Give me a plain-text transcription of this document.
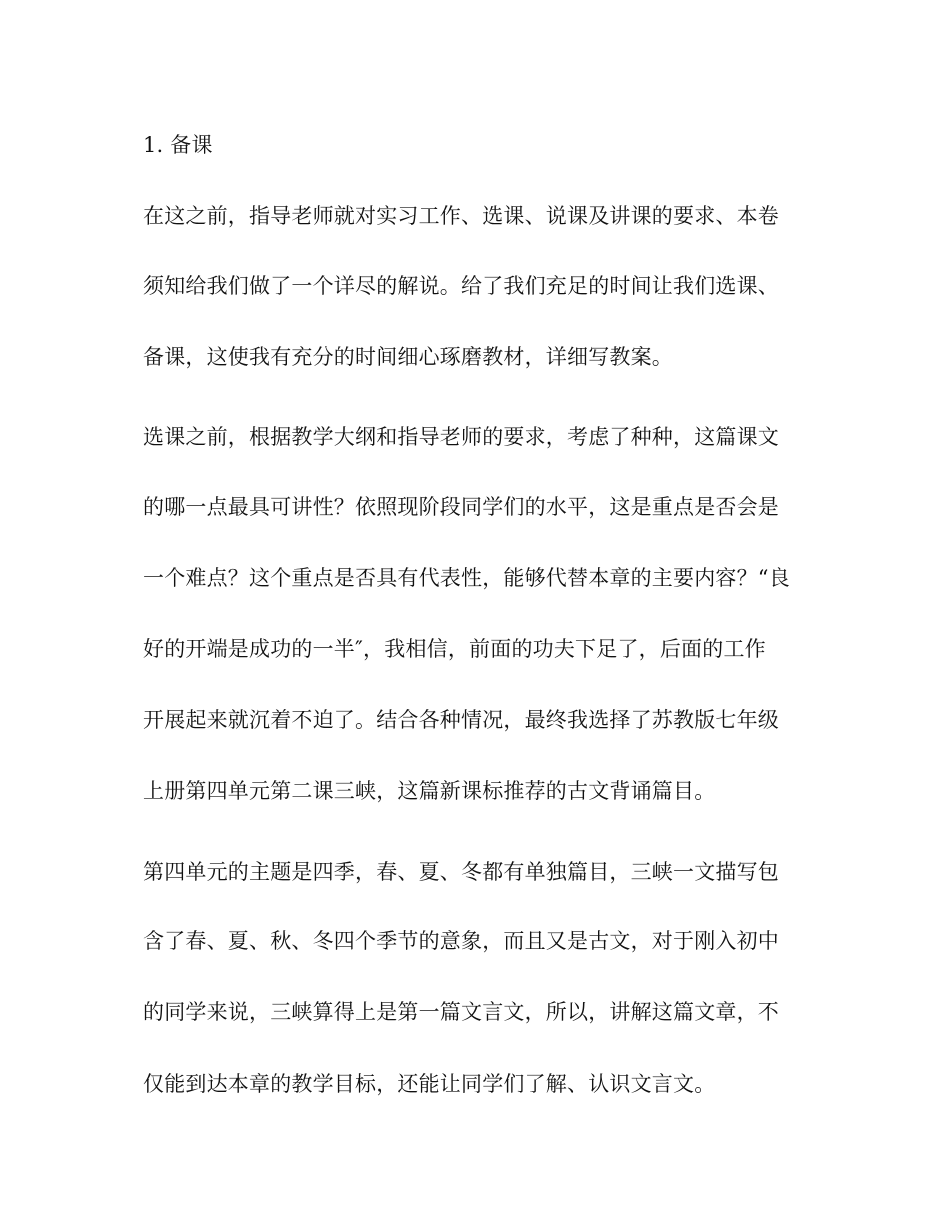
1. 备课
在这之前，指导老师就对实习工作、选课、说课及讲课的要求、本卷
须知给我们做了一个详尽的解说。给了我们充足的时间让我们选课、
备课，这使我有充分的时间细心琢磨教材，详细写教案。
选课之前，根据教学大纲和指导老师的要求，考虑了种种，这篇课文
的哪一点最具可讲性？依照现阶段同学们的水平，这是重点是否会是
一个难点？这个重点是否具有代表性，能够代替本章的主要内容？“良
好的开端是成功的一半″，我相信，前面的功夫下足了，后面的工作
开展起来就沉着不迫了。结合各种情况，最终我选择了苏教版七年级
上册第四单元第二课三峡，这篇新课标推荐的古文背诵篇目。
第四单元的主题是四季，春、夏、冬都有单独篇目，三峡一文描写包
含了春、夏、秋、冬四个季节的意象，而且又是古文，对于刚入初中
的同学来说，三峡算得上是第一篇文言文，所以，讲解这篇文章，不
仅能到达本章的教学目标，还能让同学们了解、认识文言文。
